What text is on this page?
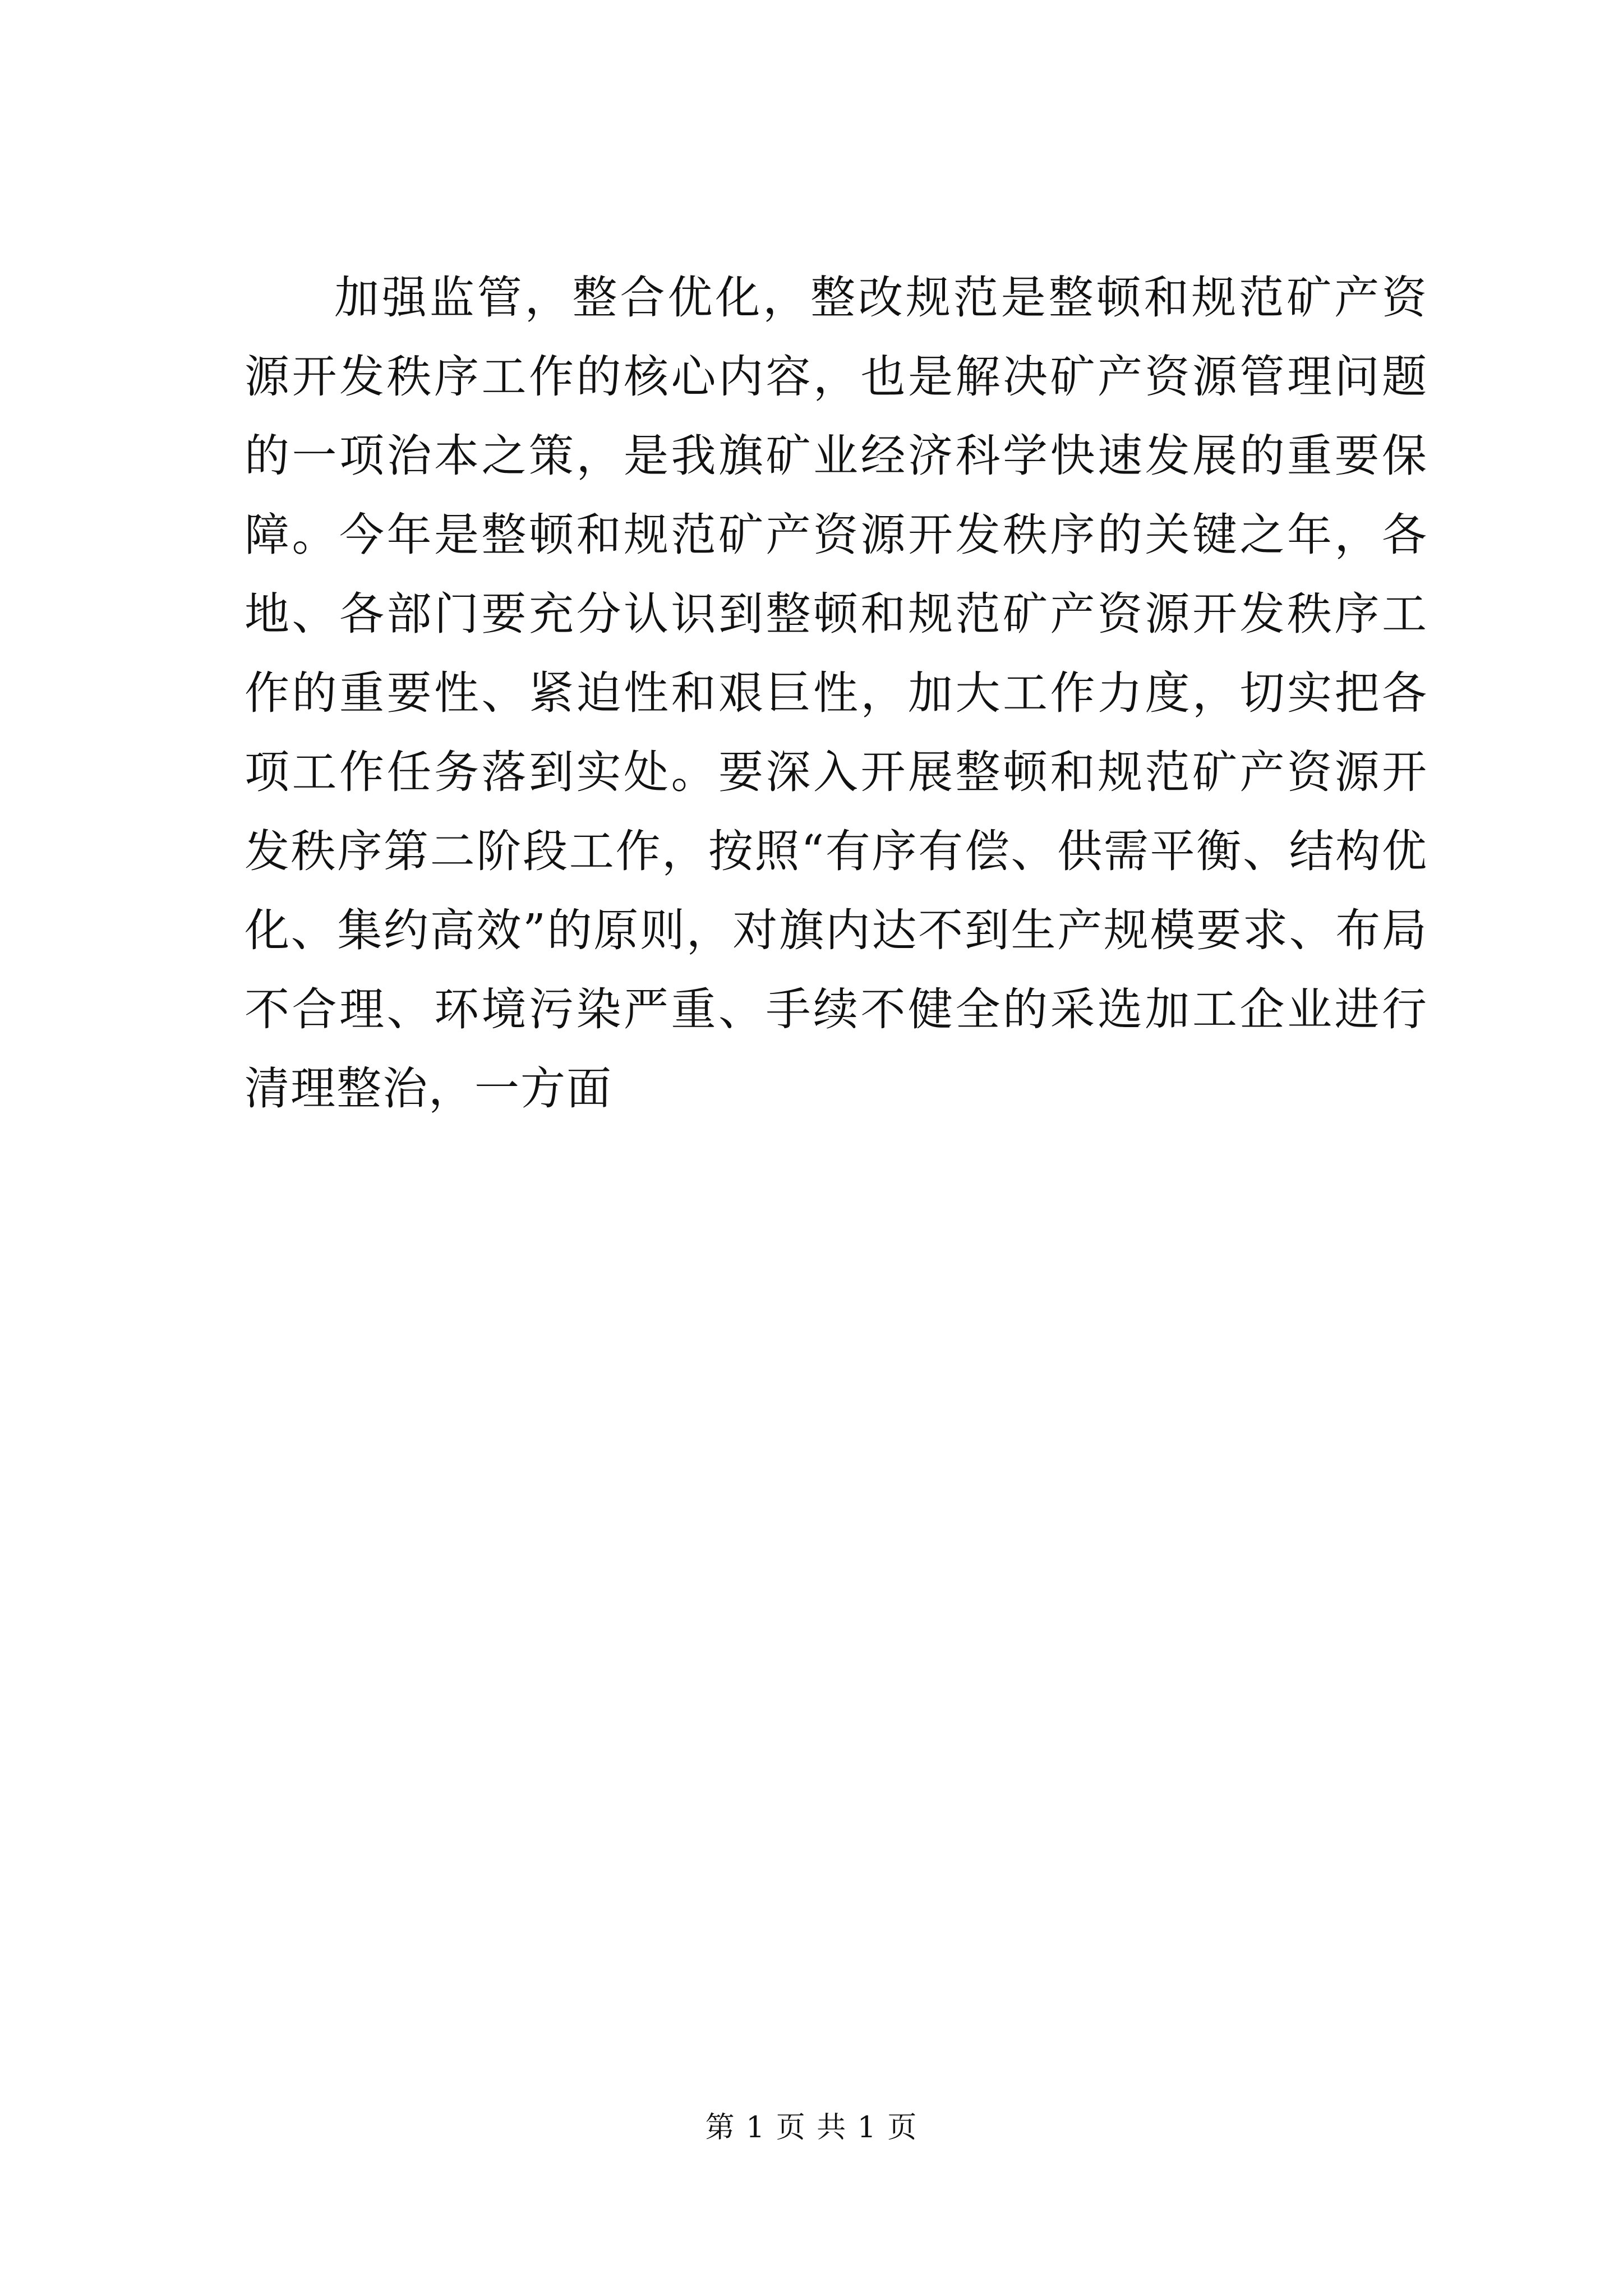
加强监管，整合优化，整改规范是整顿和规范矿产资源开发秩序工作的核心内容，也是解决矿产资源管理问题的一项治本之策，是我旗矿业经济科学快速发展的重要保障。今年是整顿和规范矿产资源开发秩序的关键之年，各地、各部门要充分认识到整顿和规范矿产资源开发秩序工作的重要性、紧迫性和艰巨性，加大工作力度，切实把各项工作任务落到实处。要深入开展整顿和规范矿产资源开发秩序第二阶段工作，按照“有序有偿、供需平衡、结构优化、集约高效”的原则，对旗内达不到生产规模要求、布局不合理、环境污染严重、手续不健全的采选加工企业进行清理整治，一方面

第 1 页 共 1 页
